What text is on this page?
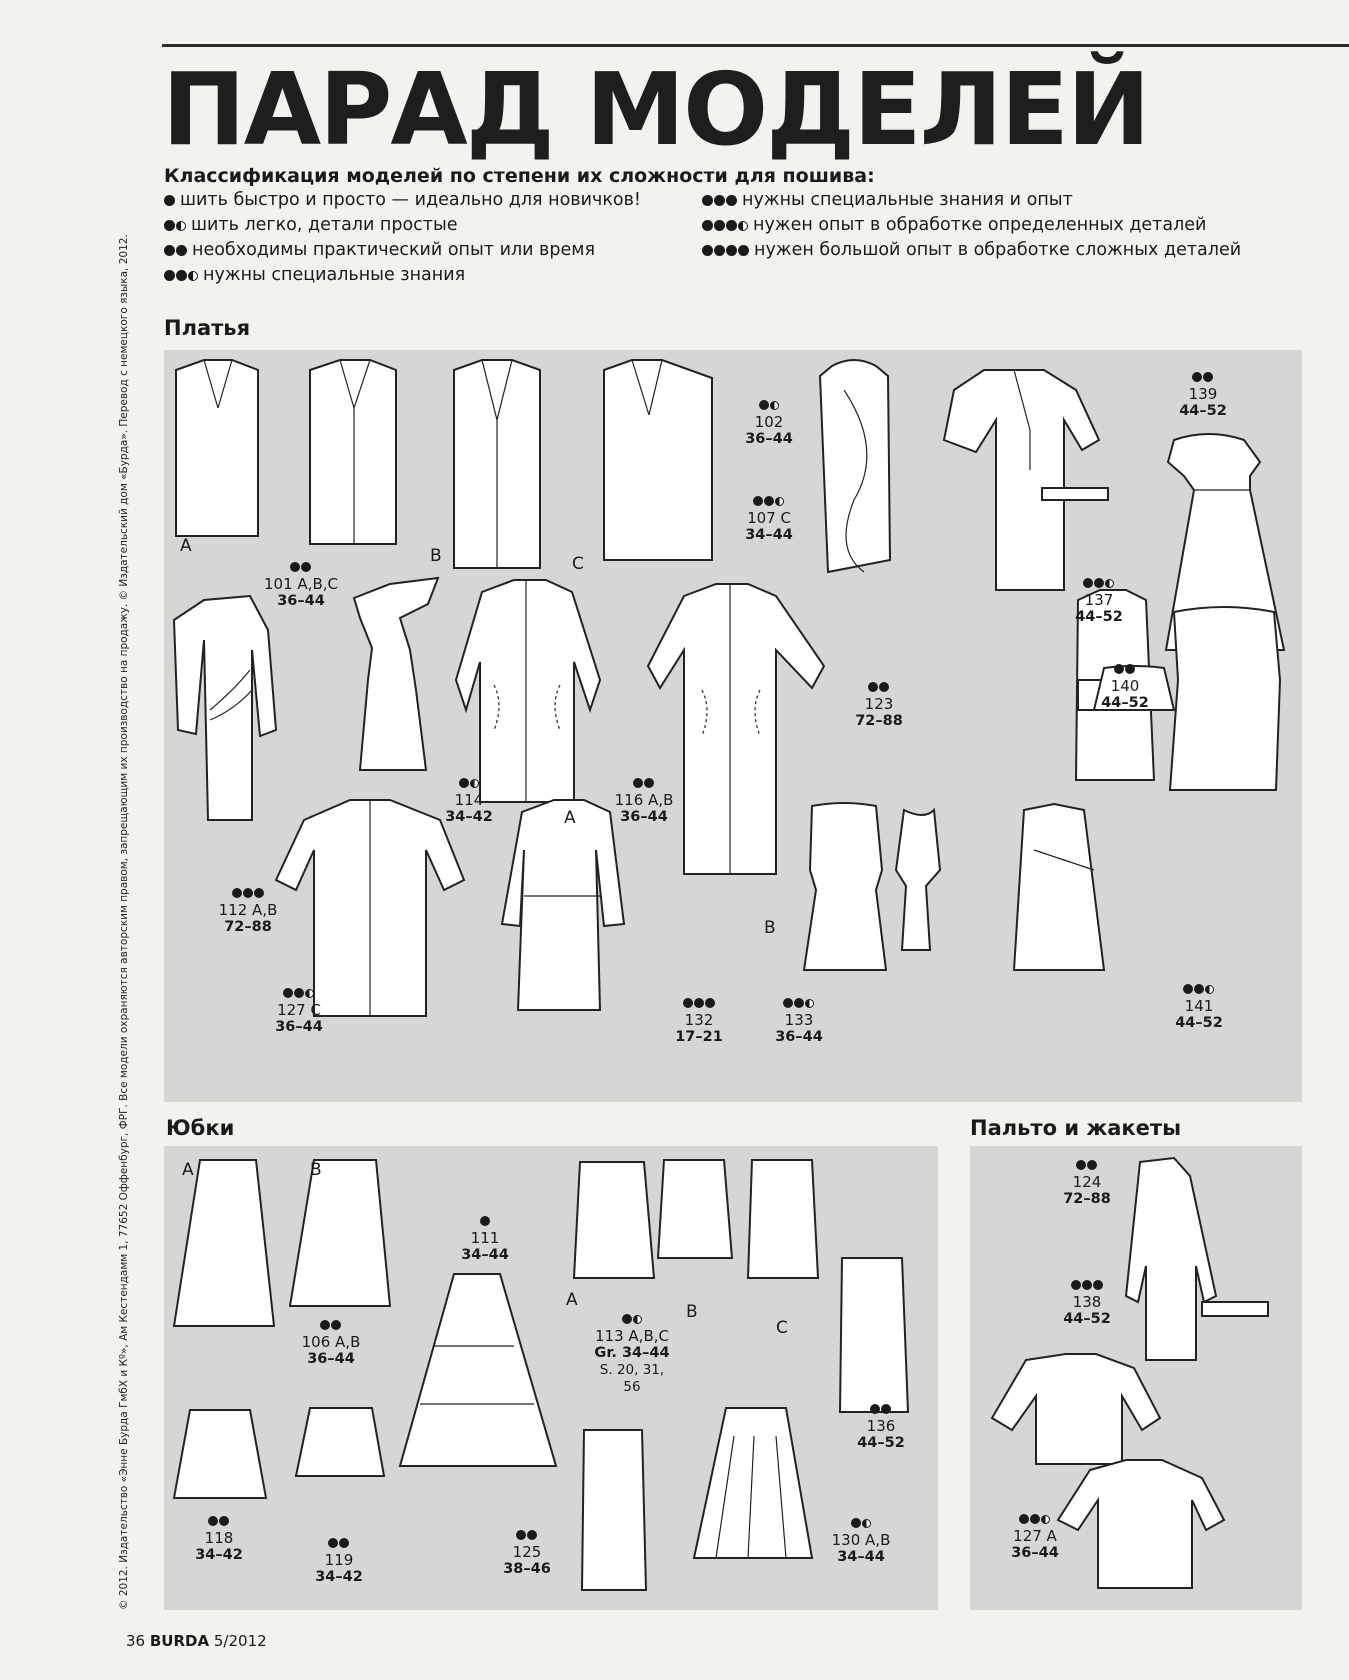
ПАРАД МОДЕЛЕЙ
Классификация моделей по степени их сложности для пошива:
шить быстро и просто — идеально для новичков!
шить легко, детали простые
необходимы практический опыт или время
нужны специальные знания
нужны специальные знания и опыт
нужен опыт в обработке определенных деталей
нужен большой опыт в обработке сложных деталей
Платья
A	B	C
A
B
101 A,B,C
36–44
102
36–44
107 C
34–44
137
44–52
139
44–52
114
34–42
116 A,B
36–44
123
72–88
140
44–52
112 A,B
72–88
127 C
36–44	132
17–21
133
36–44
141
44–52
Юбки
A	B
A
B
C
111
34–44
106 A,B
36–44
113 A,B,C
Gr. 34–44
S. 20, 31, 56
136
44–52
118
34–42	119
34–42
125
38–46
130 A,B
34–44
Пальто и жакеты
124
72–88
138
44–52
127 A
36–44
© 2012. Издательство «Энне Бурда ГмбХ и Кº», Ам Кестендамм 1, 77652 Оффенбург, ФРГ. Все модели охраняются авторским правом, запрещающим их производство на продажу. © Издательский дом «Бурда». Перевод с немецкого языка, 2012.
36 BURDA 5/2012
